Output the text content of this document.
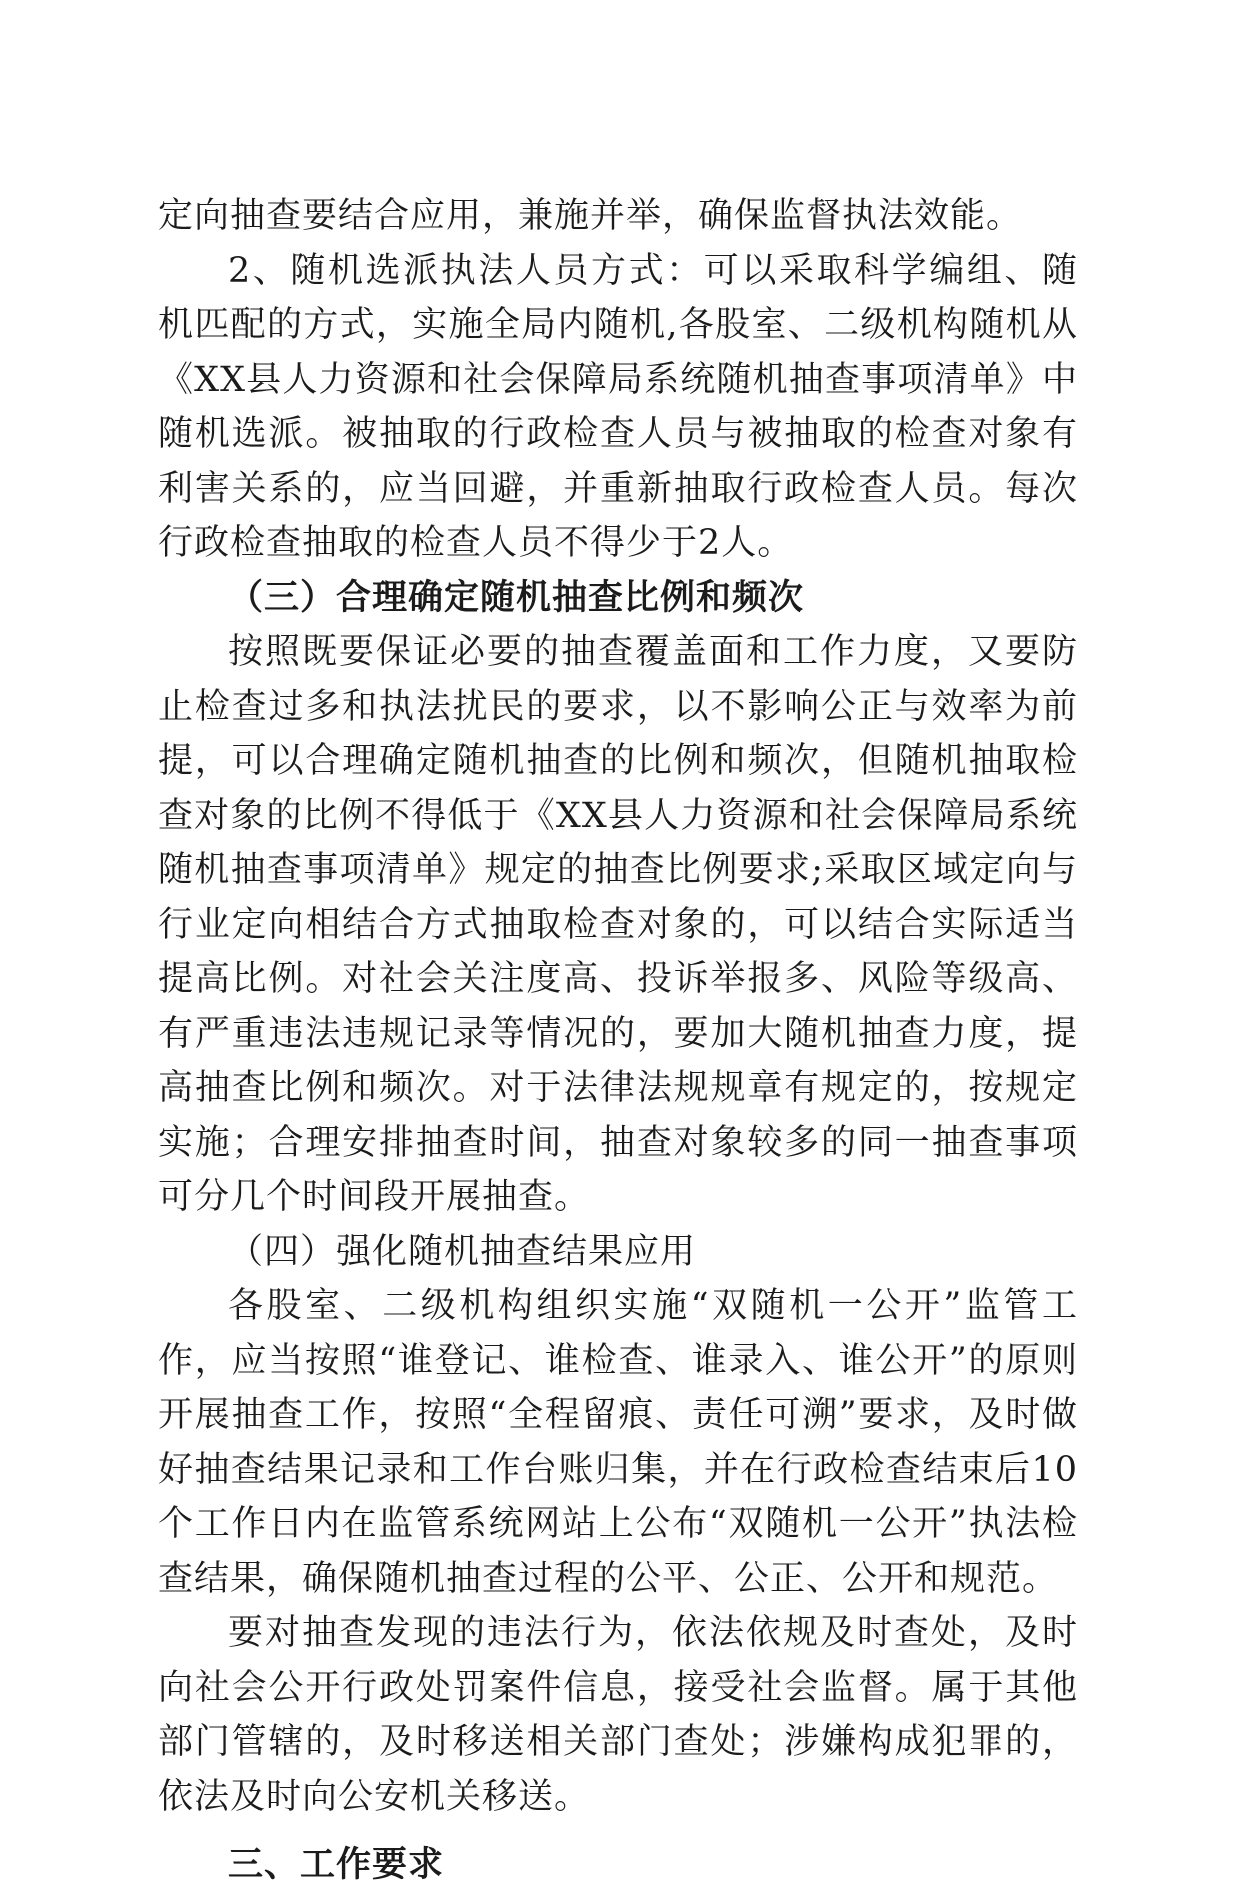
定向抽查要结合应用，兼施并举，确保监督执法效能。

2、随机选派执法人员方式：可以采取科学编组、随机匹配的方式，实施全局内随机,各股室、二级机构随机从《XX县人力资源和社会保障局系统随机抽查事项清单》中随机选派。被抽取的行政检查人员与被抽取的检查对象有利害关系的，应当回避，并重新抽取行政检查人员。每次行政检查抽取的检查人员不得少于2人。

（三）合理确定随机抽查比例和频次

按照既要保证必要的抽查覆盖面和工作力度，又要防止检查过多和执法扰民的要求，以不影响公正与效率为前提，可以合理确定随机抽查的比例和频次，但随机抽取检查对象的比例不得低于《XX县人力资源和社会保障局系统随机抽查事项清单》规定的抽查比例要求;采取区域定向与行业定向相结合方式抽取检查对象的，可以结合实际适当提高比例。对社会关注度高、投诉举报多、风险等级高、有严重违法违规记录等情况的，要加大随机抽查力度，提高抽查比例和频次。对于法律法规规章有规定的，按规定实施；合理安排抽查时间，抽查对象较多的同一抽查事项可分几个时间段开展抽查。

（四）强化随机抽查结果应用

各股室、二级机构组织实施“双随机一公开”监管工作，应当按照“谁登记、谁检查、谁录入、谁公开”的原则开展抽查工作，按照“全程留痕、责任可溯”要求，及时做好抽查结果记录和工作台账归集，并在行政检查结束后10个工作日内在监管系统网站上公布“双随机一公开”执法检查结果，确保随机抽查过程的公平、公正、公开和规范。

要对抽查发现的违法行为，依法依规及时查处，及时向社会公开行政处罚案件信息，接受社会监督。属于其他部门管辖的，及时移送相关部门查处；涉嫌构成犯罪的，依法及时向公安机关移送。

三、工作要求
